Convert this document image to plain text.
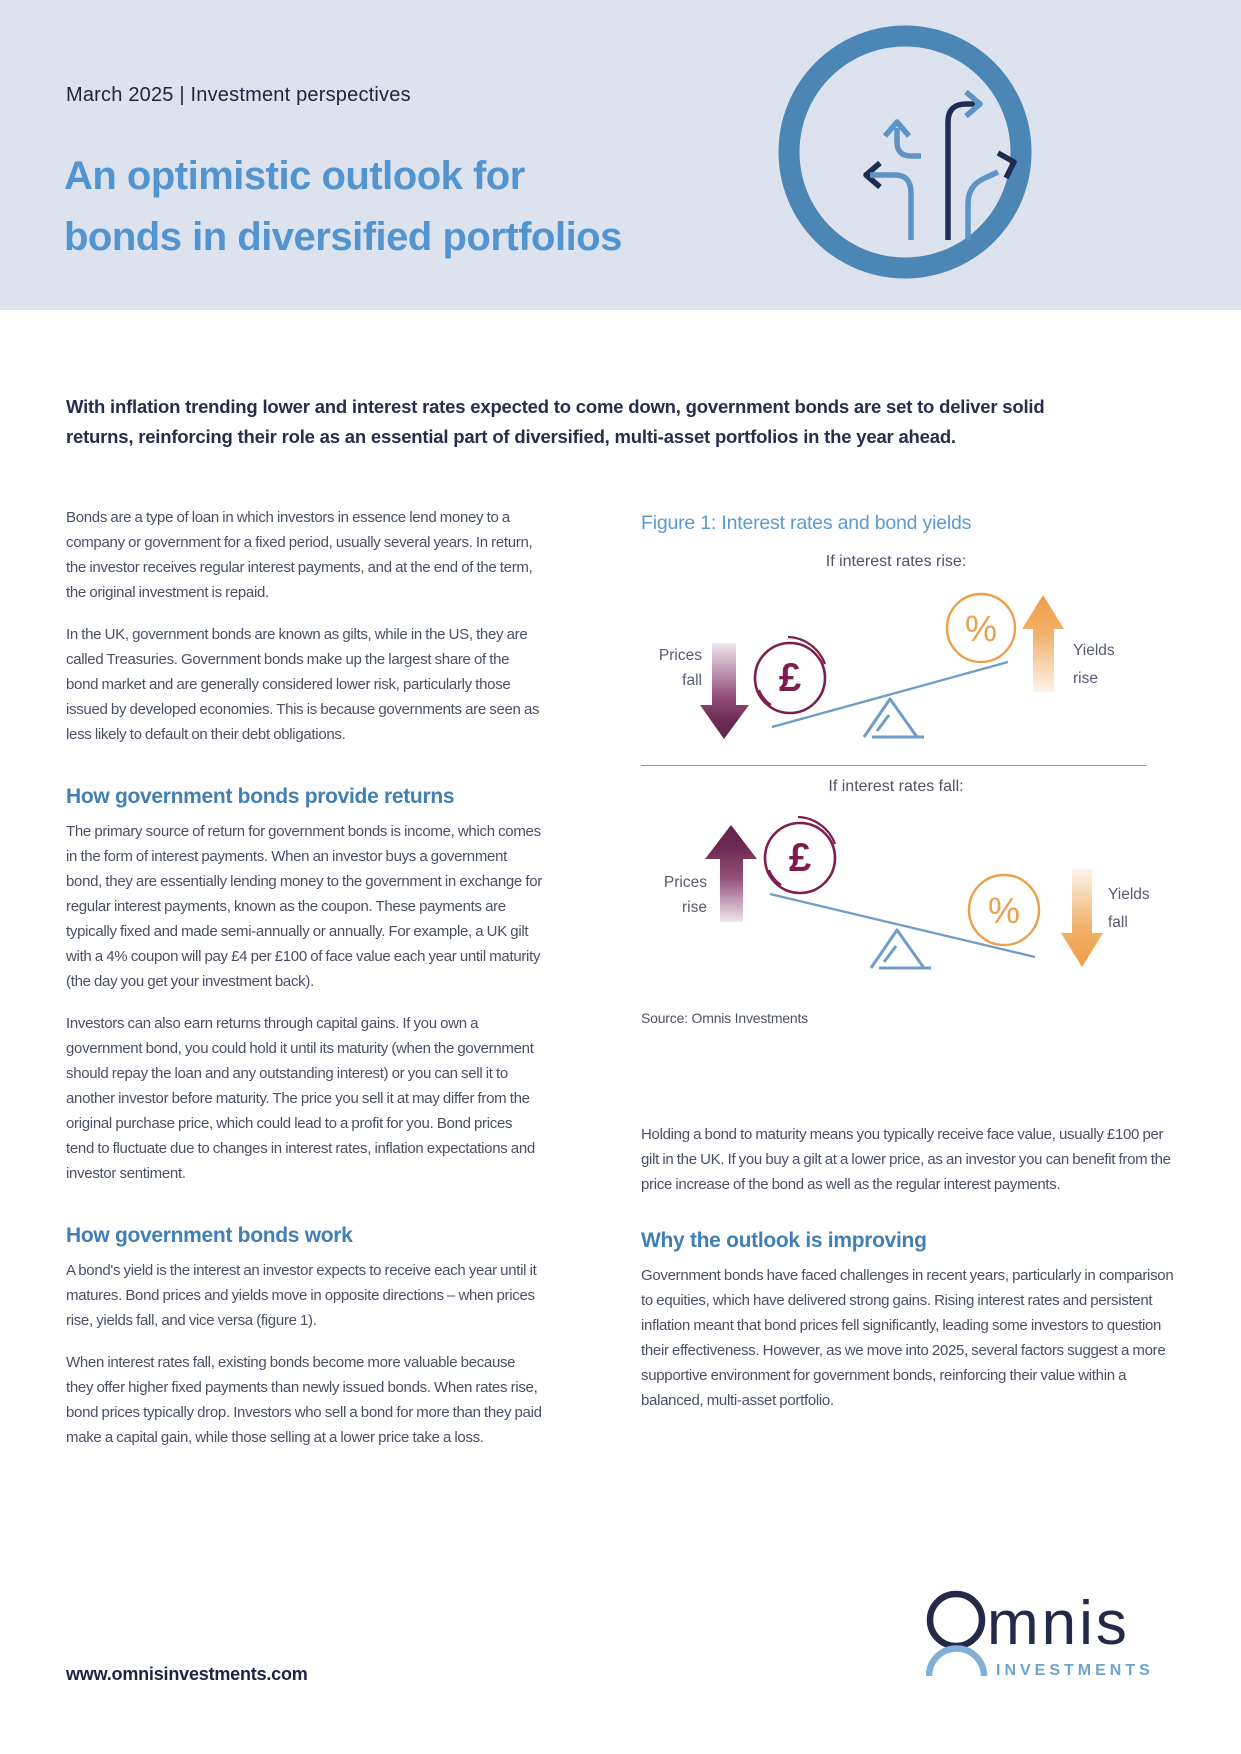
March 2025 | Investment perspectives
An optimistic outlook for
bonds in diversified portfolios

With inflation trending lower and interest rates expected to come down, government bonds are set to deliver solid returns, reinforcing their role as an essential part of diversified, multi-asset portfolios in the year ahead.

Bonds are a type of loan in which investors in essence lend money to a company or government for a fixed period, usually several years. In return, the investor receives regular interest payments, and at the end of the term, the original investment is repaid.

In the UK, government bonds are known as gilts, while in the US, they are called Treasuries. Government bonds make up the largest share of the bond market and are generally considered lower risk, particularly those issued by developed economies. This is because governments are seen as less likely to default on their debt obligations.

How government bonds provide returns

The primary source of return for government bonds is income, which comes in the form of interest payments. When an investor buys a government bond, they are essentially lending money to the government in exchange for regular interest payments, known as the coupon. These payments are typically fixed and made semi-annually or annually. For example, a UK gilt with a 4% coupon will pay £4 per £100 of face value each year until maturity (the day you get your investment back).

Investors can also earn returns through capital gains. If you own a government bond, you could hold it until its maturity (when the government should repay the loan and any outstanding interest) or you can sell it to another investor before maturity. The price you sell it at may differ from the original purchase price, which could lead to a profit for you. Bond prices tend to fluctuate due to changes in interest rates, inflation expectations and investor sentiment.

How government bonds work

A bond's yield is the interest an investor expects to receive each year until it matures. Bond prices and yields move in opposite directions – when prices rise, yields fall, and vice versa (figure 1).

When interest rates fall, existing bonds become more valuable because they offer higher fixed payments than newly issued bonds. When rates rise, bond prices typically drop. Investors who sell a bond for more than they paid make a capital gain, while those selling at a lower price take a loss.

Figure 1: Interest rates and bond yields
If interest rates rise:
Prices
fall £
%
Yields
rise
If interest rates fall:
Prices
rise
£
%	Yields
fall
Source: Omnis Investments

Holding a bond to maturity means you typically receive face value, usually £100 per gilt in the UK. If you buy a gilt at a lower price, as an investor you can benefit from the price increase of the bond as well as the regular interest payments.

Why the outlook is improving

Government bonds have faced challenges in recent years, particularly in comparison to equities, which have delivered strong gains. Rising interest rates and persistent inflation meant that bond prices fell significantly, leading some investors to question their effectiveness. However, as we move into 2025, several factors suggest a more supportive environment for government bonds, reinforcing their value within a balanced, multi-asset portfolio.

www.omnisinvestments.com
mnis
INVESTMENTS
